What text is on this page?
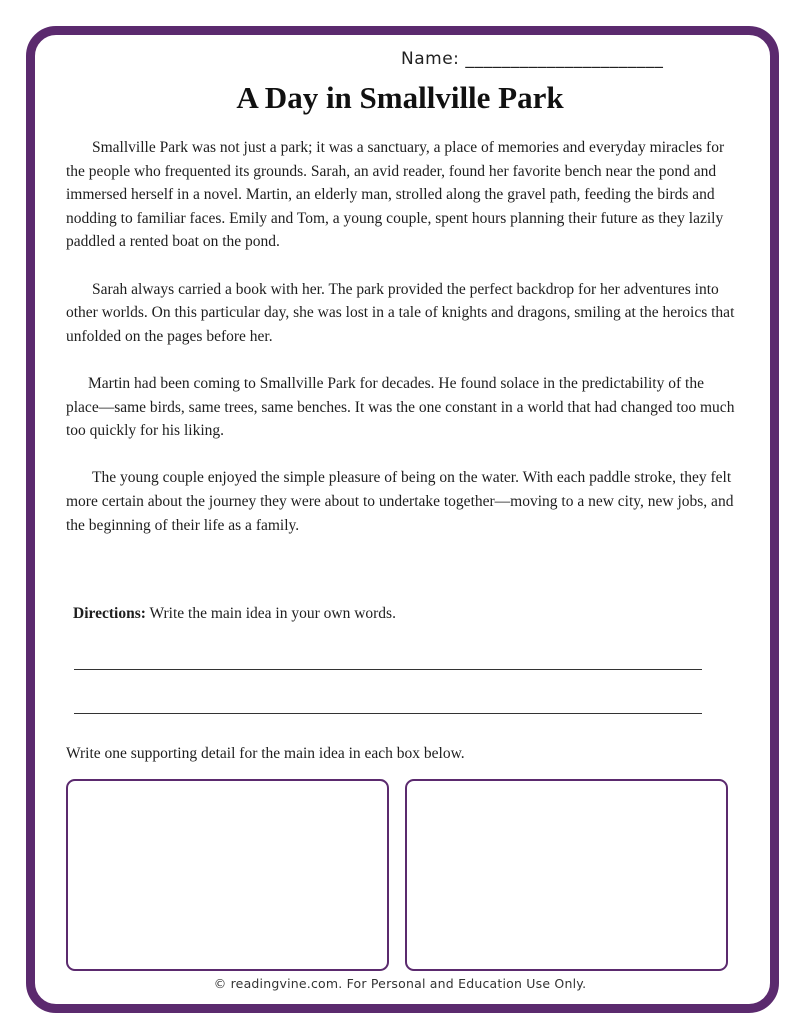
Name: ______________________
A Day in Smallville Park

Smallville Park was not just a park; it was a sanctuary, a place of memories and everyday miracles for the people who frequented its grounds. Sarah, an avid reader, found her favorite bench near the pond and immersed herself in a novel. Martin, an elderly man, strolled along the gravel path, feeding the birds and nodding to familiar faces. Emily and Tom, a young couple, spent hours planning their future as they lazily paddled a rented boat on the pond.

Sarah always carried a book with her. The park provided the perfect backdrop for her adventures into other worlds. On this particular day, she was lost in a tale of knights and dragons, smiling at the heroics that unfolded on the pages before her.

Martin had been coming to Smallville Park for decades. He found solace in the predictability of the place—same birds, same trees, same benches. It was the one constant in a world that had changed too much too quickly for his liking.

The young couple enjoyed the simple pleasure of being on the water. With each paddle stroke, they felt more certain about the journey they were about to undertake together—moving to a new city, new jobs, and the beginning of their life as a family.

Directions: Write the main idea in your own words.
Write one supporting detail for the main idea in each box below.
© readingvine.com. For Personal and Education Use Only.
